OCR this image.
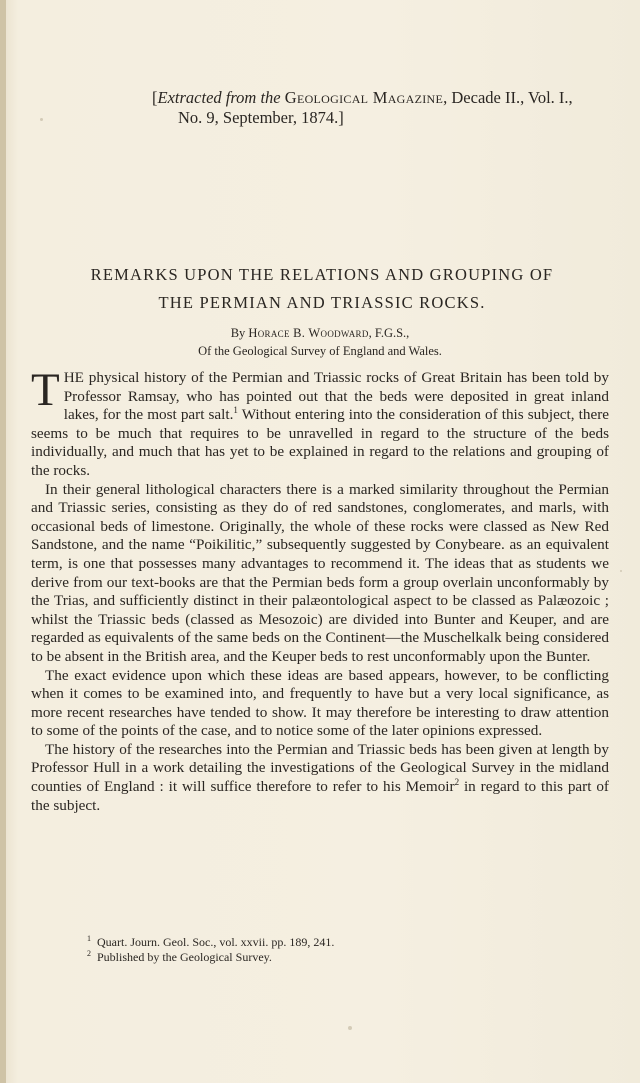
[Extracted from the Geological Magazine, Decade II., Vol. I.,
No. 9, September, 1874.]
REMARKS UPON THE RELATIONS AND GROUPING OF
THE PERMIAN AND TRIASSIC ROCKS.
By Horace B. Woodward, F.G.S.,
Of the Geological Survey of England and Wales.

THE physical history of the Permian and Triassic rocks of Great Britain has been told by Professor Ramsay, who has pointed out that the beds were deposited in great inland lakes, for the most part salt.$^1$ Without entering into the consideration of this subject, there seems to be much that requires to be unravelled in regard to the structure of the beds individually, and much that has yet to be explained in regard to the relations and grouping of the rocks.

In their general lithological characters there is a marked similarity throughout the Permian and Triassic series, consisting as they do of red sandstones, conglomerates, and marls, with occasional beds of limestone. Originally, the whole of these rocks were classed as New Red Sandstone, and the name “Poikilitic,” subsequently suggested by Conybeare. as an equivalent term, is one that possesses many advantages to recommend it. The ideas that as students we derive from our text-books are that the Permian beds form a group overlain unconformably by the Trias, and sufficiently distinct in their palæontological aspect to be classed as Palæozoic ; whilst the Triassic beds (classed as Mesozoic) are divided into Bunter and Keuper, and are regarded as equivalents of the same beds on the Continent—the Muschelkalk being considered to be absent in the British area, and the Keuper beds to rest unconformably upon the Bunter.

The exact evidence upon which these ideas are based appears, however, to be conflicting when it comes to be examined into, and frequently to have but a very local significance, as more recent researches have tended to show. It may therefore be interesting to draw attention to some of the points of the case, and to notice some of the later opinions expressed.

The history of the researches into the Permian and Triassic beds has been given at length by Professor Hull in a work detailing the investigations of the Geological Survey in the midland counties of England : it will suffice therefore to refer to his Memoir$^2$ in regard to this part of the subject.

$^1$ Quart. Journ. Geol. Soc., vol. xxvii. pp. 189, 241.
$^2$ Published by the Geological Survey.
